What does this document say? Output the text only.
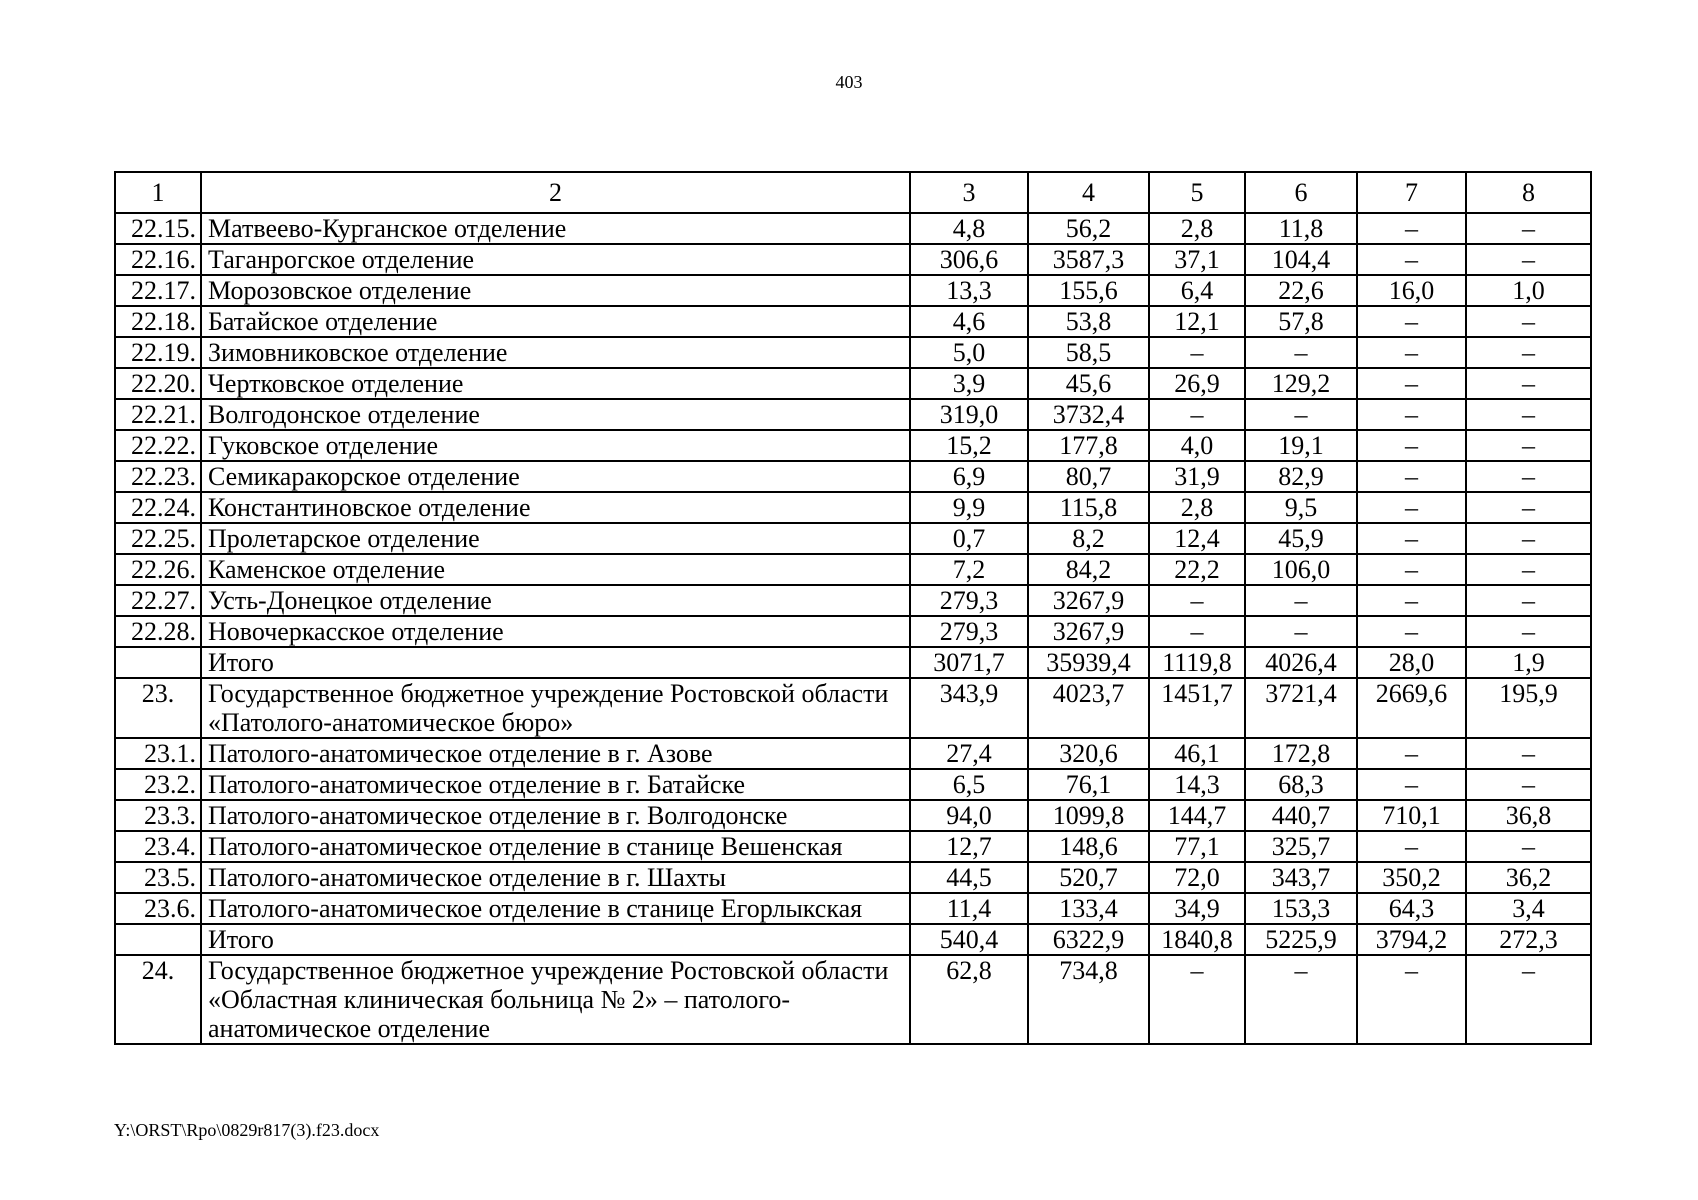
403
1	2	3	4	5	6	7	8
22.15.	Матвеево-Курганское отделение	4,8	56,2	2,8	11,8	–	–
22.16.	Таганрогское отделение	306,6	3587,3	37,1	104,4	–	–
22.17.	Морозовское отделение	13,3	155,6	6,4	22,6	16,0	1,0
22.18.	Батайское отделение	4,6	53,8	12,1	57,8	–	–
22.19.	Зимовниковское отделение	5,0	58,5	–	–	–	–
22.20.	Чертковское отделение	3,9	45,6	26,9	129,2	–	–
22.21.	Волгодонское отделение	319,0	3732,4	–	–	–	–
22.22.	Гуковское отделение	15,2	177,8	4,0	19,1	–	–
22.23.	Семикаракорское отделение	6,9	80,7	31,9	82,9	–	–
22.24.	Константиновское отделение	9,9	115,8	2,8	9,5	–	–
22.25.	Пролетарское отделение	0,7	8,2	12,4	45,9	–	–
22.26.	Каменское отделение	7,2	84,2	22,2	106,0	–	–
22.27.	Усть-Донецкое отделение	279,3	3267,9	–	–	–	–
22.28.	Новочеркасское отделение	279,3	3267,9	–	–	–	–
	Итого	3071,7	35939,4	1119,8	4026,4	28,0	1,9
23.	Государственное бюджетное учреждение Ростовской области «Патолого-анатомическое бюро»	343,9	4023,7	1451,7	3721,4	2669,6	195,9
23.1.	Патолого-анатомическое отделение в г. Азове	27,4	320,6	46,1	172,8	–	–
23.2.	Патолого-анатомическое отделение в г. Батайске	6,5	76,1	14,3	68,3	–	–
23.3.	Патолого-анатомическое отделение в г. Волгодонске	94,0	1099,8	144,7	440,7	710,1	36,8
23.4.	Патолого-анатомическое отделение в станице Вешенская	12,7	148,6	77,1	325,7	–	–
23.5.	Патолого-анатомическое отделение в г. Шахты	44,5	520,7	72,0	343,7	350,2	36,2
23.6.	Патолого-анатомическое отделение в станице Егорлыкская	11,4	133,4	34,9	153,3	64,3	3,4
	Итого	540,4	6322,9	1840,8	5225,9	3794,2	272,3
24.	Государственное бюджетное учреждение Ростовской области «Областная клиническая больница № 2» – патолого-анатомическое отделение	62,8	734,8	–	–	–	–
Y:\ORST\Rpo\0829r817(3).f23.docx
